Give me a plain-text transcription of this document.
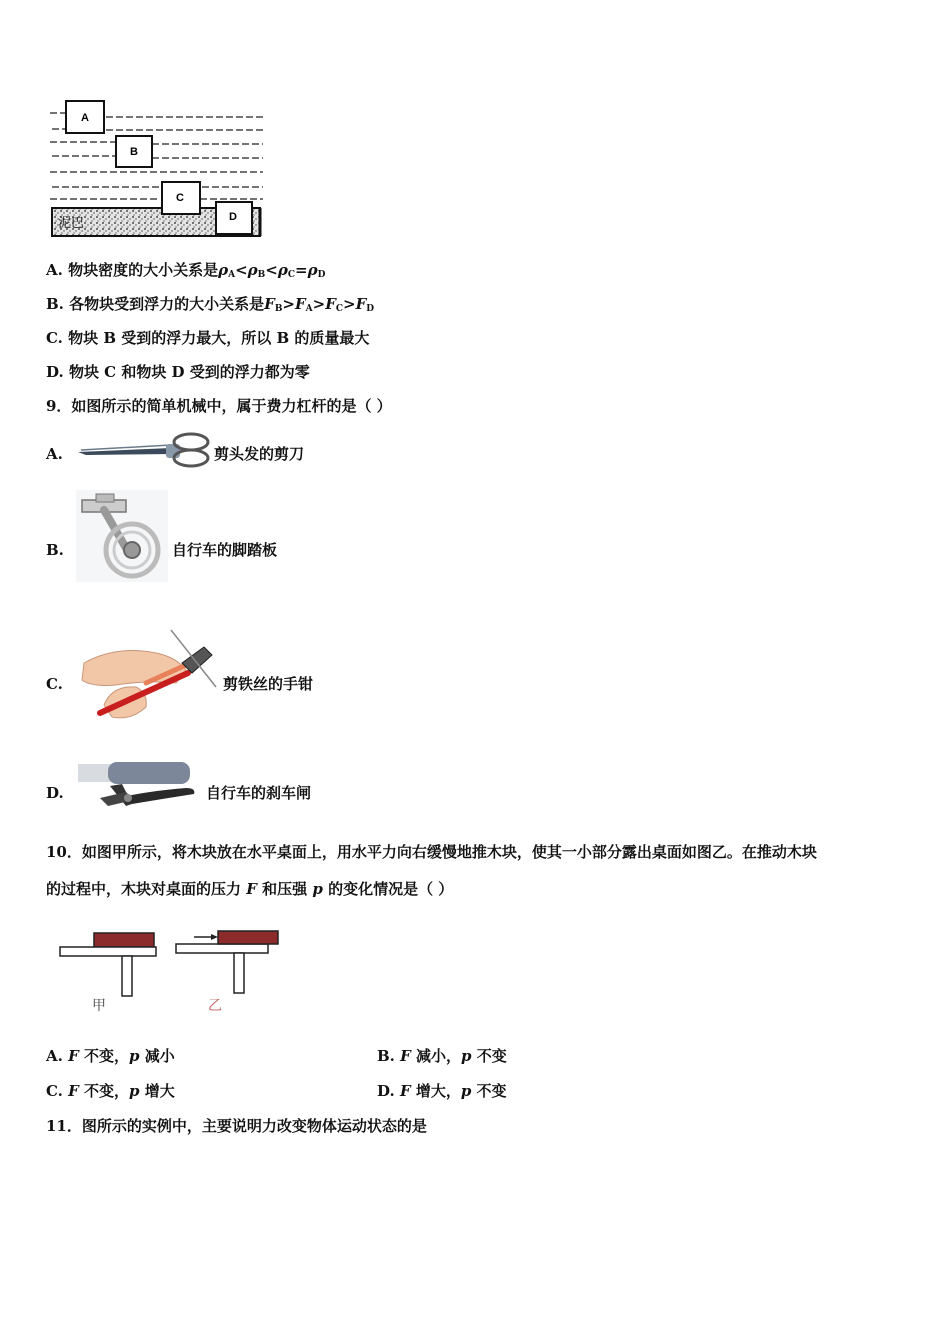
泥巴
A
B
C
D
A. 物块密度的大小关系是$\rho_A<\rho_B<\rho_C=\rho_D$
B. 各物块受到浮力的大小关系是$F_B>F_A>F_C>F_D$
C. 物块 B 受到的浮力最大，所以 B 的质量最大
D. 物块 C 和物块 D 受到的浮力都为零
9．如图所示的简单机械中，属于费力杠杆的是（ ）
A.	剪头发的剪刀
B.	自行车的脚踏板
C.	剪铁丝的手钳
D.	自行车的刹车闸
10．如图甲所示，将木块放在水平桌面上，用水平力向右缓慢地推木块，使其一小部分露出桌面如图乙。在推动木块
的过程中，木块对桌面的压力 F 和压强 p 的变化情况是（ ）
甲	乙
A. F 不变，p 减小	B. F 减小，p 不变
C. F 不变，p 增大	D. F 增大，p 不变
11．图所示的实例中，主要说明力改变物体运动状态的是
